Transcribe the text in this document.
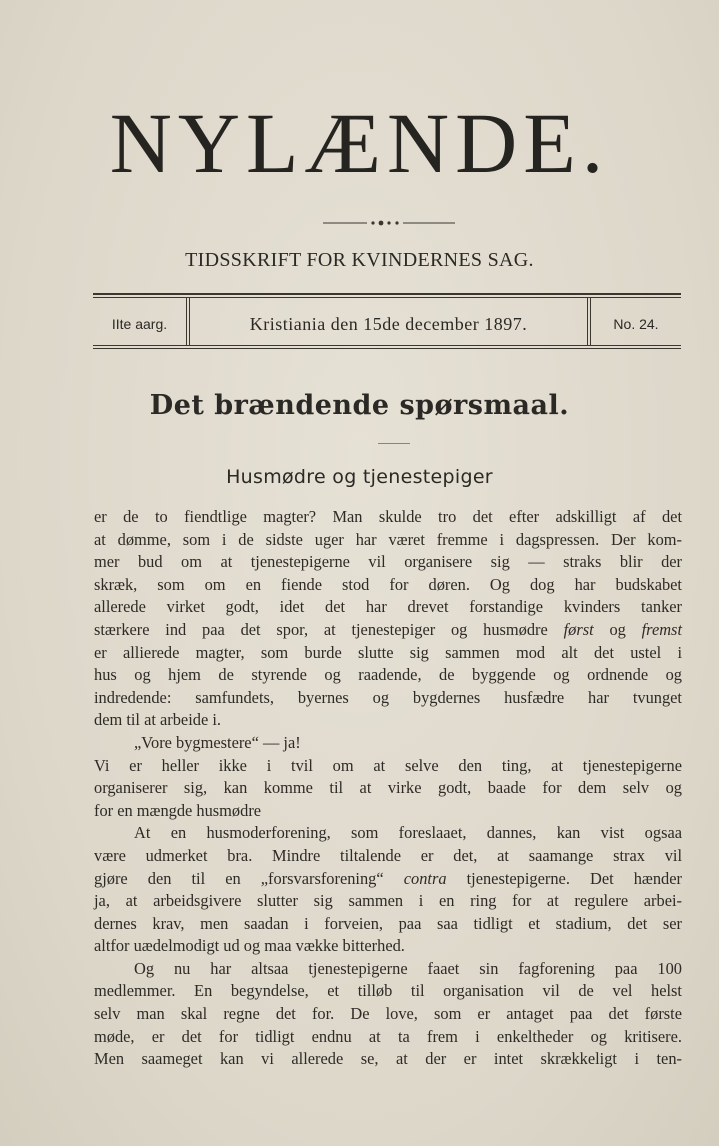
NYLÆNDE.
TIDSSKRIFT FOR KVINDERNES SAG.
IIte aarg.	Kristiania den 15de december 1897.	No. 24.
Det brændende spørsmaal.
Husmødre og tjenestepiger
er de to fiendtlige magter? Man skulde tro det efter adskilligt af det
at dømme, som i de sidste uger har været fremme i dagspressen. Der kom-
mer bud om at tjenestepigerne vil organisere sig — straks blir der
skræk, som om en fiende stod for døren. Og dog har budskabet
allerede virket godt, idet det har drevet forstandige kvinders tanker
stærkere ind paa det spor, at tjenestepiger og husmødre først og fremst
er allierede magter, som burde slutte sig sammen mod alt det ustel i
hus og hjem de styrende og raadende, de byggende og ordnende og
indredende: samfundets, byernes og bygdernes husfædre har tvunget
dem til at arbeide i.
„Vore bygmestere“ — ja!
Vi er heller ikke i tvil om at selve den ting, at tjenestepigerne
organiserer sig, kan komme til at virke godt, baade for dem selv og
for en mængde husmødre
At en husmoderforening, som foreslaaet, dannes, kan vist ogsaa
være udmerket bra. Mindre tiltalende er det, at saamange strax vil
gjøre den til en „forsvarsforening“ contra tjenestepigerne. Det hænder
ja, at arbeidsgivere slutter sig sammen i en ring for at regulere arbei-
dernes krav, men saadan i forveien, paa saa tidligt et stadium, det ser
altfor uædelmodigt ud og maa vække bitterhed.
Og nu har altsaa tjenestepigerne faaet sin fagforening paa 100
medlemmer. En begyndelse, et tilløb til organisation vil de vel helst
selv man skal regne det for. De love, som er antaget paa det første
møde, er det for tidligt endnu at ta frem i enkeltheder og kritisere.
Men saameget kan vi allerede se, at der er intet skrækkeligt i ten-
